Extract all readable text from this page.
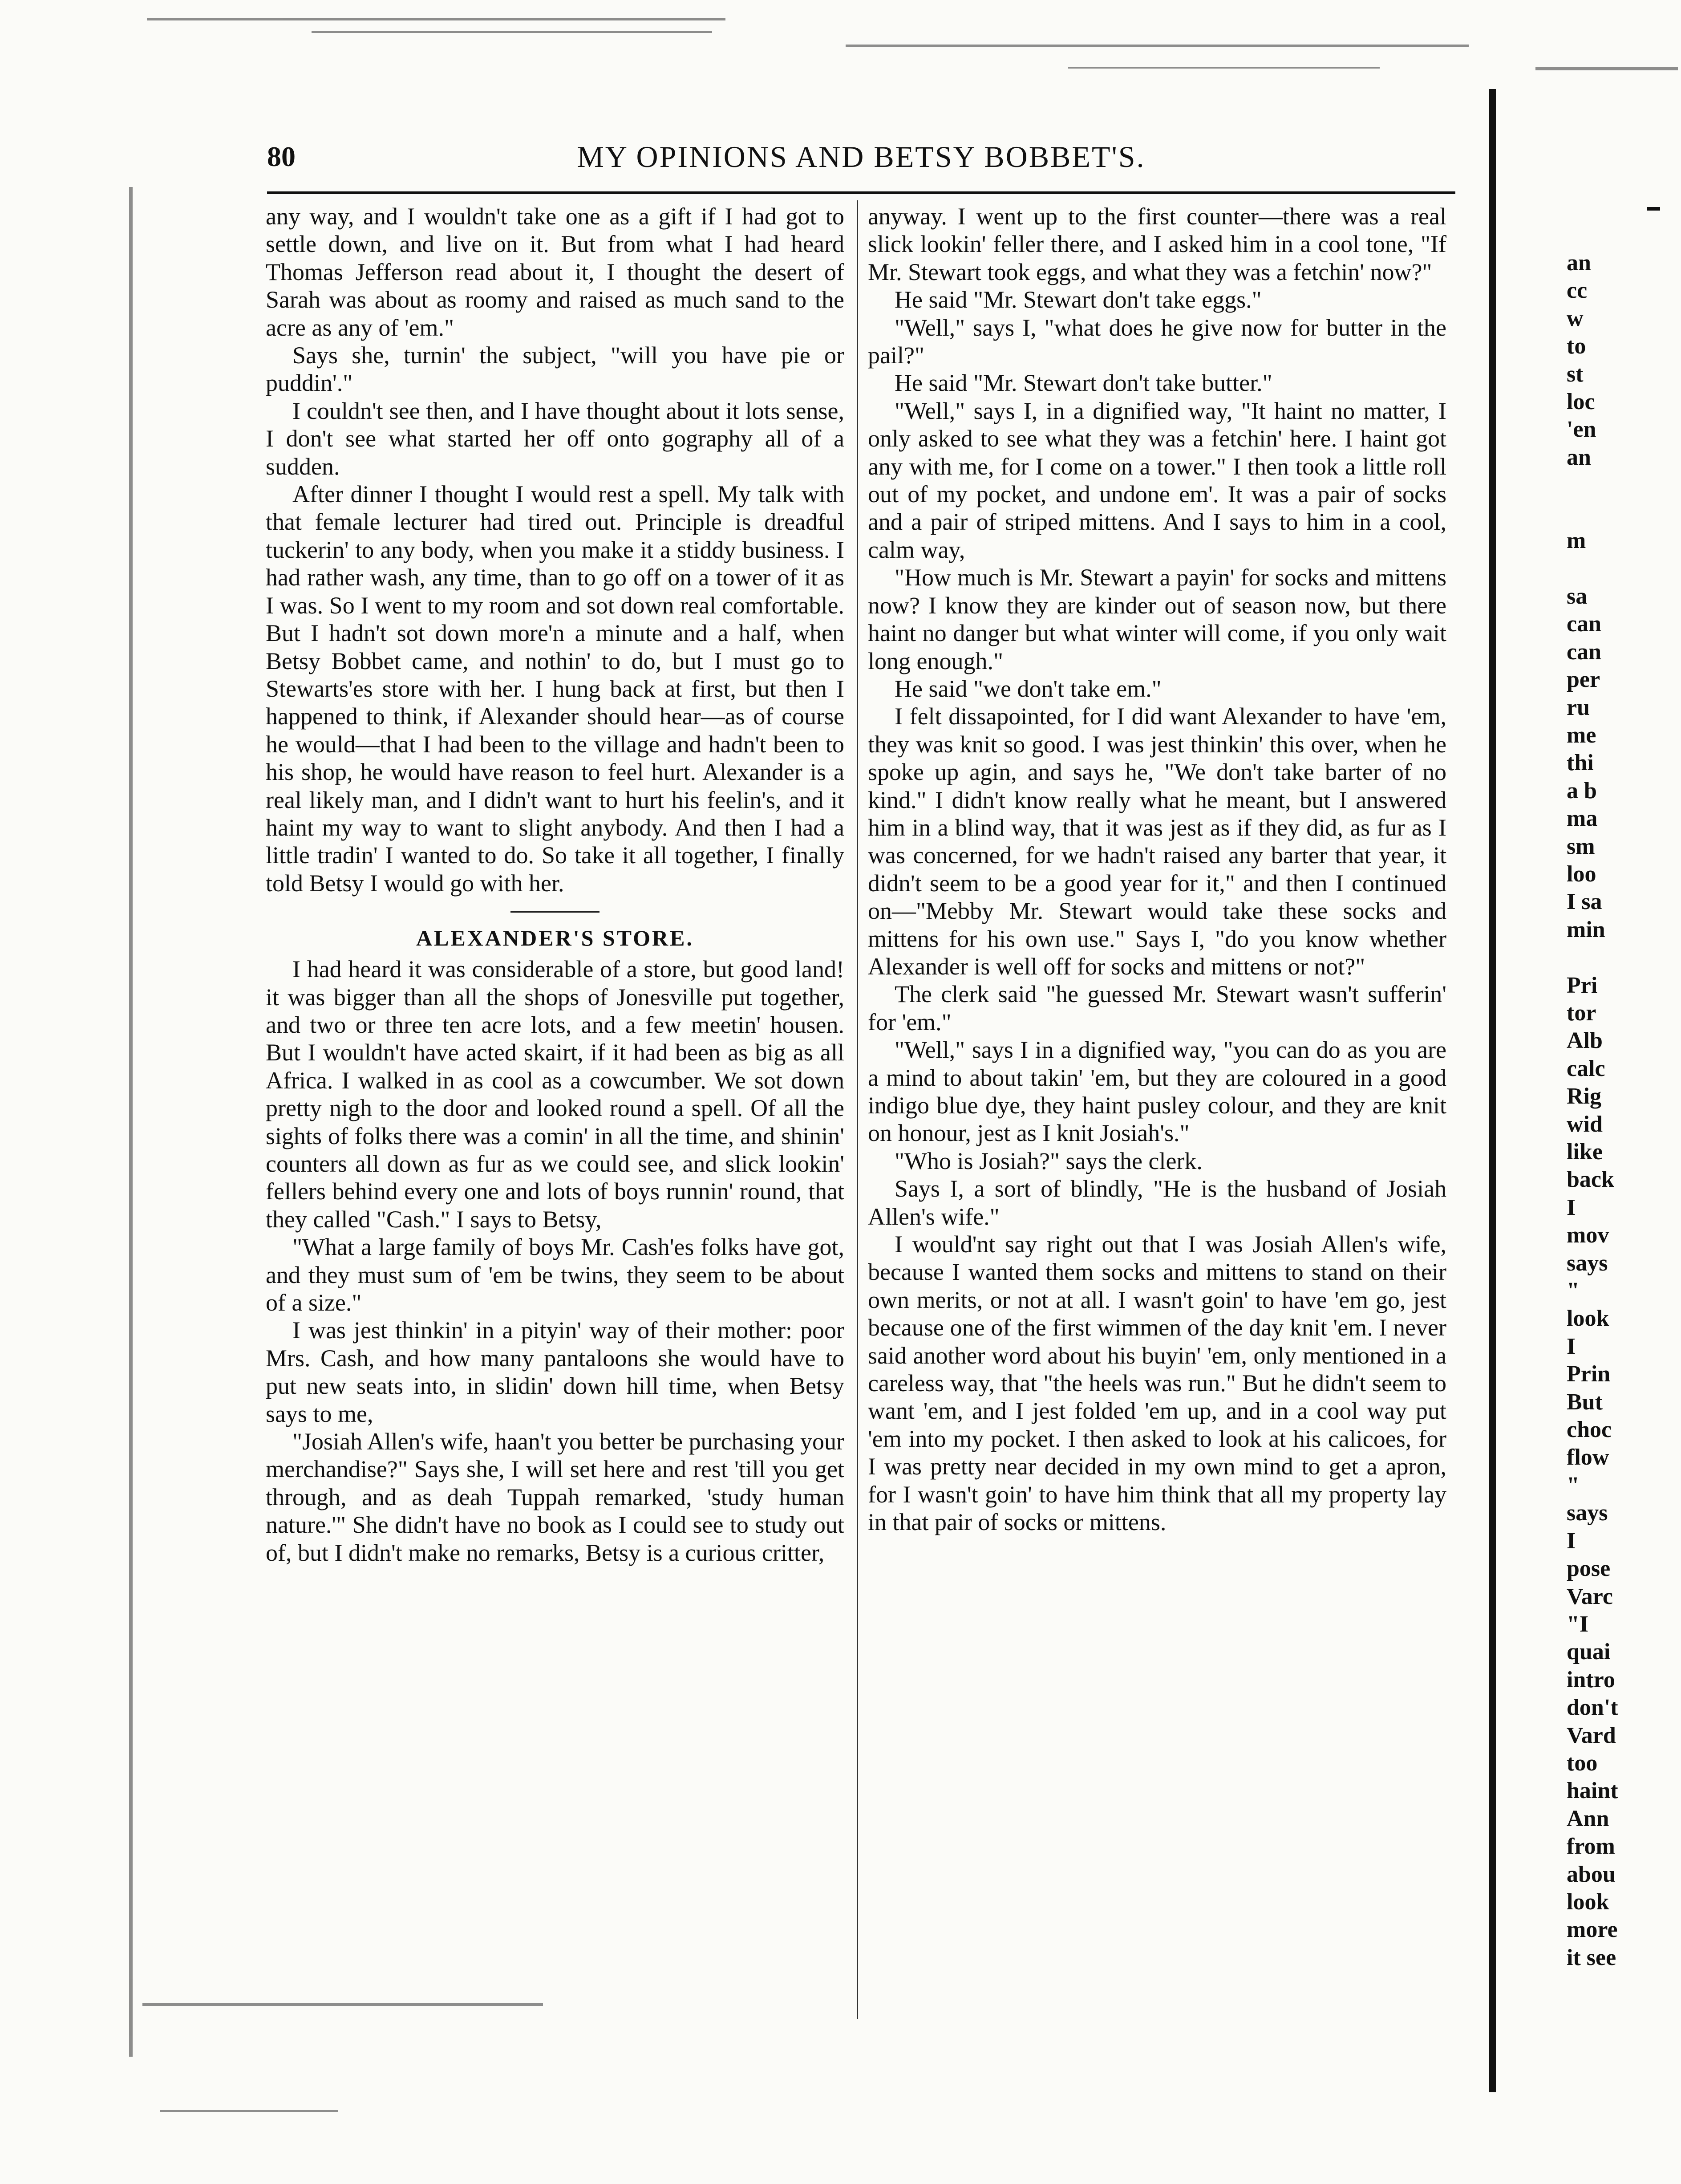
80	MY OPINIONS AND BETSY BOBBET'S.

any way, and I wouldn't take one as a gift if I had got to settle down, and live on it. But from what I had heard Thomas Jefferson read about it, I thought the desert of Sarah was about as roomy and raised as much sand to the acre as any of 'em."

Says she, turnin' the subject, "will you have pie or puddin'."

I couldn't see then, and I have thought about it lots sense, I don't see what started her off onto gography all of a sudden.

After dinner I thought I would rest a spell. My talk with that female lecturer had tired out. Principle is dreadful tuckerin' to any body, when you make it a stiddy business. I had rather wash, any time, than to go off on a tower of it as I was. So I went to my room and sot down real comfortable. But I hadn't sot down more'n a minute and a half, when Betsy Bobbet came, and nothin' to do, but I must go to Stewarts'es store with her. I hung back at first, but then I happened to think, if Alexander should hear—as of course he would—that I had been to the village and hadn't been to his shop, he would have reason to feel hurt. Alexander is a real likely man, and I didn't want to hurt his feelin's, and it haint my way to want to slight anybody. And then I had a little tradin' I wanted to do. So take it all together, I finally told Betsy I would go with her.

ALEXANDER'S STORE.

I had heard it was considerable of a store, but good land! it was bigger than all the shops of Jonesville put together, and two or three ten acre lots, and a few meetin' housen. But I wouldn't have acted skairt, if it had been as big as all Africa. I walked in as cool as a cowcumber. We sot down pretty nigh to the door and looked round a spell. Of all the sights of folks there was a comin' in all the time, and shinin' counters all down as fur as we could see, and slick lookin' fellers behind every one and lots of boys runnin' round, that they called "Cash." I says to Betsy,

"What a large family of boys Mr. Cash'es folks have got, and they must sum of 'em be twins, they seem to be about of a size."

I was jest thinkin' in a pityin' way of their mother: poor Mrs. Cash, and how many pantaloons she would have to put new seats into, in slidin' down hill time, when Betsy says to me,

"Josiah Allen's wife, haan't you better be purchasing your merchandise?" Says she, I will set here and rest 'till you get through, and as deah Tuppah remarked, 'study human nature.'" She didn't have no book as I could see to study out of, but I didn't make no remarks, Betsy is a curious critter,

anyway. I went up to the first counter—there was a real slick lookin' feller there, and I asked him in a cool tone, "If Mr. Stewart took eggs, and what they was a fetchin' now?"

He said "Mr. Stewart don't take eggs."

"Well," says I, "what does he give now for butter in the pail?"

He said "Mr. Stewart don't take butter."

"Well," says I, in a dignified way, "It haint no matter, I only asked to see what they was a fetchin' here. I haint got any with me, for I come on a tower." I then took a little roll out of my pocket, and undone em'. It was a pair of socks and a pair of striped mittens. And I says to him in a cool, calm way,

"How much is Mr. Stewart a payin' for socks and mittens now? I know they are kinder out of season now, but there haint no danger but what winter will come, if you only wait long enough."

He said "we don't take em."

I felt dissapointed, for I did want Alexander to have 'em, they was knit so good. I was jest thinkin' this over, when he spoke up agin, and says he, "We don't take barter of no kind." I didn't know really what he meant, but I answered him in a blind way, that it was jest as if they did, as fur as I was concerned, for we hadn't raised any barter that year, it didn't seem to be a good year for it," and then I continued on—"Mebby Mr. Stewart would take these socks and mittens for his own use." Says I, "do you know whether Alexander is well off for socks and mittens or not?"

The clerk said "he guessed Mr. Stewart wasn't sufferin' for 'em."

"Well," says I in a dignified way, "you can do as you are a mind to about takin' 'em, but they are coloured in a good indigo blue dye, they haint pusley colour, and they are knit on honour, jest as I knit Josiah's."

"Who is Josiah?" says the clerk.

Says I, a sort of blindly, "He is the husband of Josiah Allen's wife."

I would'nt say right out that I was Josiah Allen's wife, because I wanted them socks and mittens to stand on their own merits, or not at all. I wasn't goin' to have 'em go, jest because one of the first wimmen of the day knit 'em. I never said another word about his buyin' 'em, only mentioned in a careless way, that "the heels was run." But he didn't seem to want 'em, and I jest folded 'em up, and in a cool way put 'em into my pocket. I then asked to look at his calicoes, for I was pretty near decided in my own mind to get a apron, for I wasn't goin' to have him think that all my property lay in that pair of socks or mittens.

an
cc
w
to
st
loc
'en
an

m

sa
can
can
per
ru
me
thi
a b
ma
sm
loo
I sa
min

Pri
tor
Alb
calc
Rig
wid
like
back
I
mov
says
"
look
I
Prin
But
choc
flow
"
says
I
pose
Varc
"I
quai
intro
don't
Vard
too
haint
Ann
from
abou
look
more
it see
